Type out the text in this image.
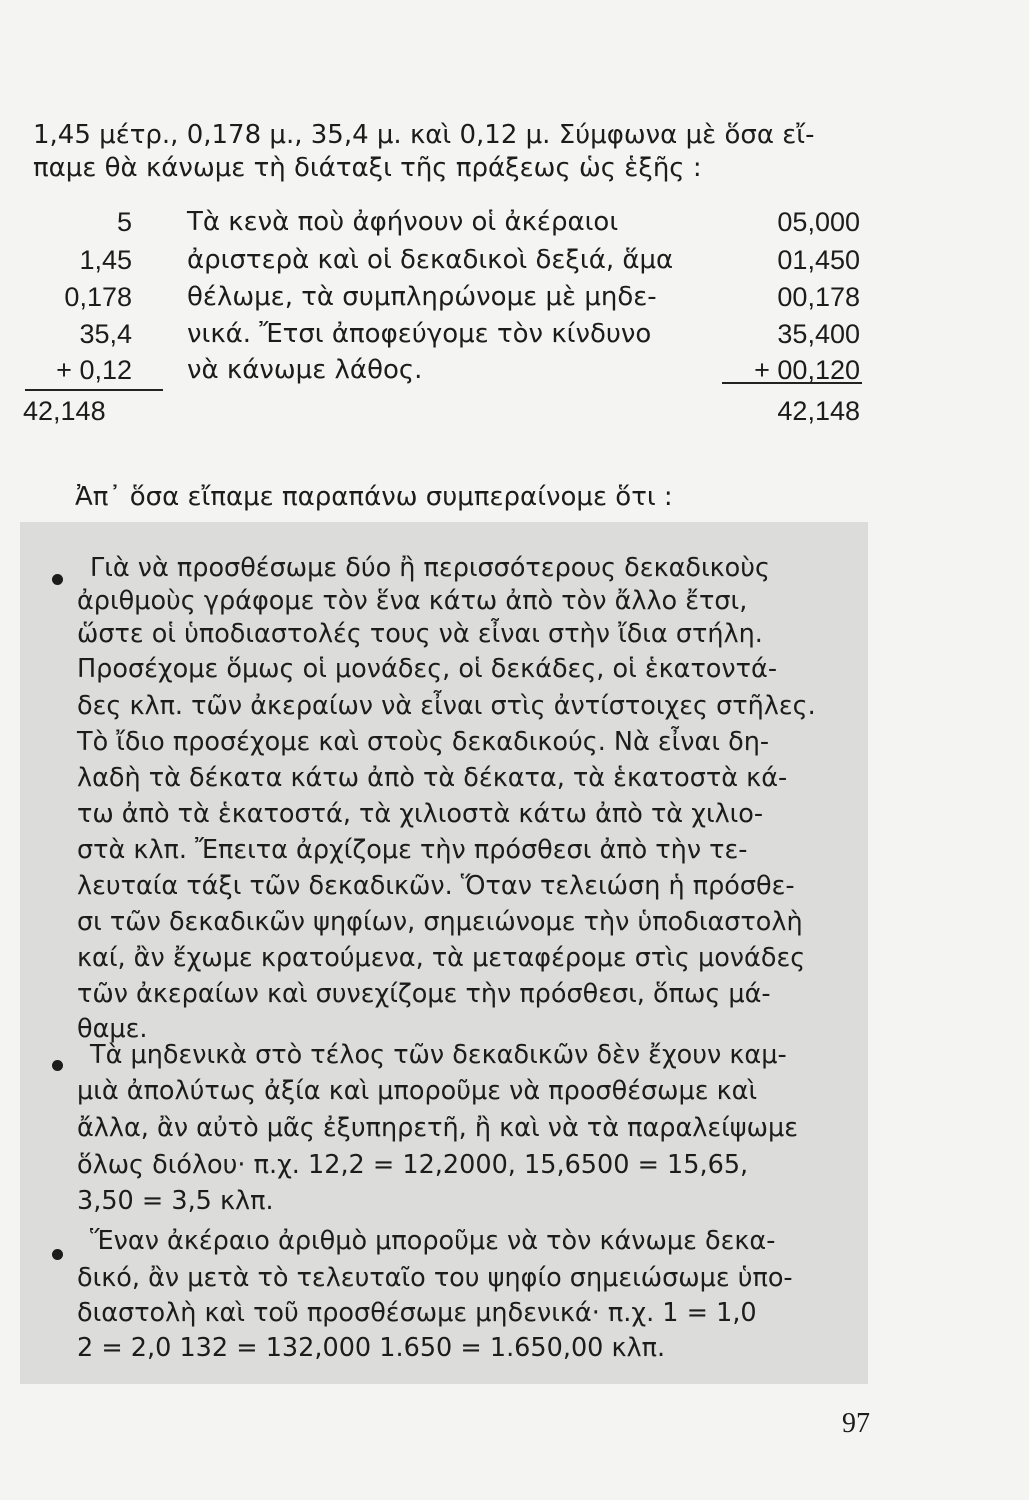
1,45 μέτρ., 0,178 μ., 35,4 μ. καὶ 0,12 μ. Σύμφωνα μὲ ὅσα εἴ-
παμε θὰ κάνωμε τὴ διάταξι τῆς πράξεως ὡς ἑξῆς :
5
1,45
0,178
35,4
+ 0,12
42,148
Τὰ κενὰ ποὺ ἀφήνουν οἱ ἀκέραιοι
ἀριστερὰ καὶ οἱ δεκαδικοὶ δεξιά, ἅμα
θέλωμε, τὰ συμπληρώνομε μὲ μηδε-
νικά. Ἔτσι ἀποφεύγομε τὸν κίνδυνο
νὰ κάνωμε λάθος.
05,000
01,450
00,178
35,400
+ 00,120
42,148
Ἀπ᾿ ὅσα εἴπαμε παραπάνω συμπεραίνομε ὅτι :
Γιὰ νὰ προσθέσωμε δύο ἢ περισσότερους δεκαδικοὺς
ἀριθμοὺς γράφομε τὸν ἕνα κάτω ἀπὸ τὸν ἄλλο ἔτσι,
ὥστε οἱ ὑποδιαστολές τους νὰ εἶναι στὴν ἴδια στήλη.
Προσέχομε ὅμως οἱ μονάδες, οἱ δεκάδες, οἱ ἑκατοντά-
δες κλπ. τῶν ἀκεραίων νὰ εἶναι στὶς ἀντίστοιχες στῆλες.
Τὸ ἴδιο προσέχομε καὶ στοὺς δεκαδικούς. Νὰ εἶναι δη-
λαδὴ τὰ δέκατα κάτω ἀπὸ τὰ δέκατα, τὰ ἑκατοστὰ κά-
τω ἀπὸ τὰ ἑκατοστά, τὰ χιλιοστὰ κάτω ἀπὸ τὰ χιλιο-
στὰ κλπ. Ἔπειτα ἀρχίζομε τὴν πρόσθεσι ἀπὸ τὴν τε-
λευταία τάξι τῶν δεκαδικῶν. Ὅταν τελειώση ἡ πρόσθε-
σι τῶν δεκαδικῶν ψηφίων, σημειώνομε τὴν ὑποδιαστολὴ
καί, ἂν ἔχωμε κρατούμενα, τὰ μεταφέρομε στὶς μονάδες
τῶν ἀκεραίων καὶ συνεχίζομε τὴν πρόσθεσι, ὅπως μά-
θαμε.
Τὰ μηδενικὰ στὸ τέλος τῶν δεκαδικῶν δὲν ἔχουν καμ-
μιὰ ἀπολύτως ἀξία καὶ μποροῦμε νὰ προσθέσωμε καὶ
ἄλλα, ἂν αὐτὸ μᾶς ἐξυπηρετῆ, ἢ καὶ νὰ τὰ παραλείψωμε
ὅλως διόλου· π.χ. 12,2 = 12,2000, 15,6500 = 15,65,
3,50 = 3,5 κλπ.
Ἕναν ἀκέραιο ἀριθμὸ μποροῦμε νὰ τὸν κάνωμε δεκα-
δικό, ἂν μετὰ τὸ τελευταῖο του ψηφίο σημειώσωμε ὑπο-
διαστολὴ καὶ τοῦ προσθέσωμε μηδενικά· π.χ. 1 = 1,0
2 = 2,0 132 = 132,000 1.650 = 1.650,00 κλπ.
97
